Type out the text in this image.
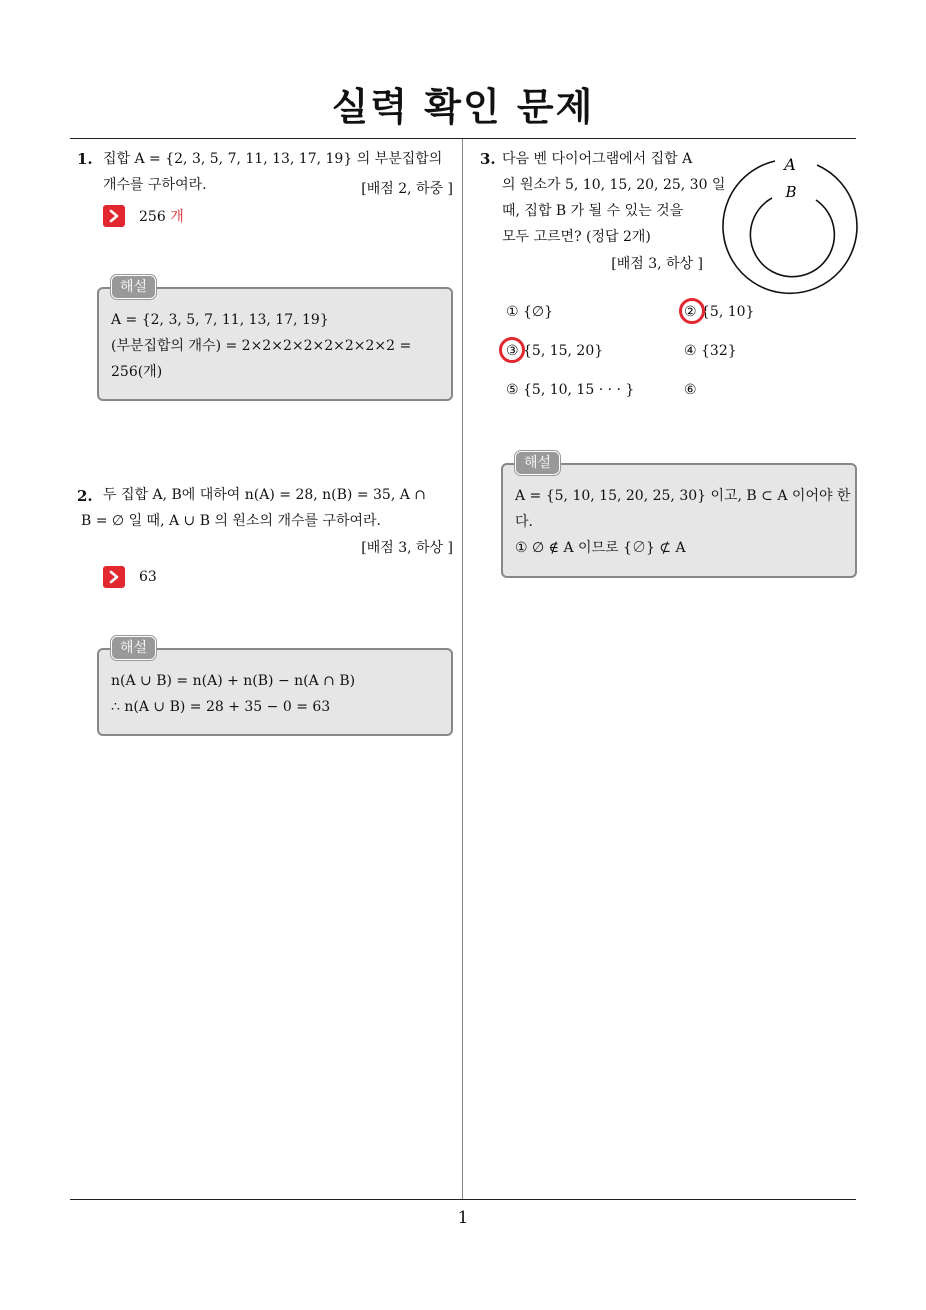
실력 확인 문제
1. 집합 A = {2, 3, 5, 7, 11, 13, 17, 19} 의 부분집합의
개수를 구하여라.	[배점 2, 하중 ]
256 개
해설
A = {2, 3, 5, 7, 11, 13, 17, 19}
(부분집합의 개수) = 2×2×2×2×2×2×2×2 =
256(개)
2. 두 집합 A, B에 대하여 n(A) = 28, n(B) = 35, A ∩
B = ∅ 일 때, A ∪ B 의 원소의 개수를 구하여라.
[배점 3, 하상 ]
63
해설
n(A ∪ B) = n(A) + n(B) − n(A ∩ B)
∴ n(A ∪ B) = 28 + 35 − 0 = 63
3. 다음 벤 다이어그램에서 집합 A
의 원소가 5, 10, 15, 20, 25, 30 일
때, 집합 B 가 될 수 있는 것을
모두 고르면? (정답 2개)
[배점 3, 하상 ]
A
B
① {∅}	② {5, 10}
③ {5, 15, 20}	④ {32}
⑤ {5, 10, 15 · · · }	⑥
해설
A = {5, 10, 15, 20, 25, 30} 이고, B ⊂ A 이어야 한
다.
① ∅ ∉ A 이므로 {∅} ⊄ A
1
